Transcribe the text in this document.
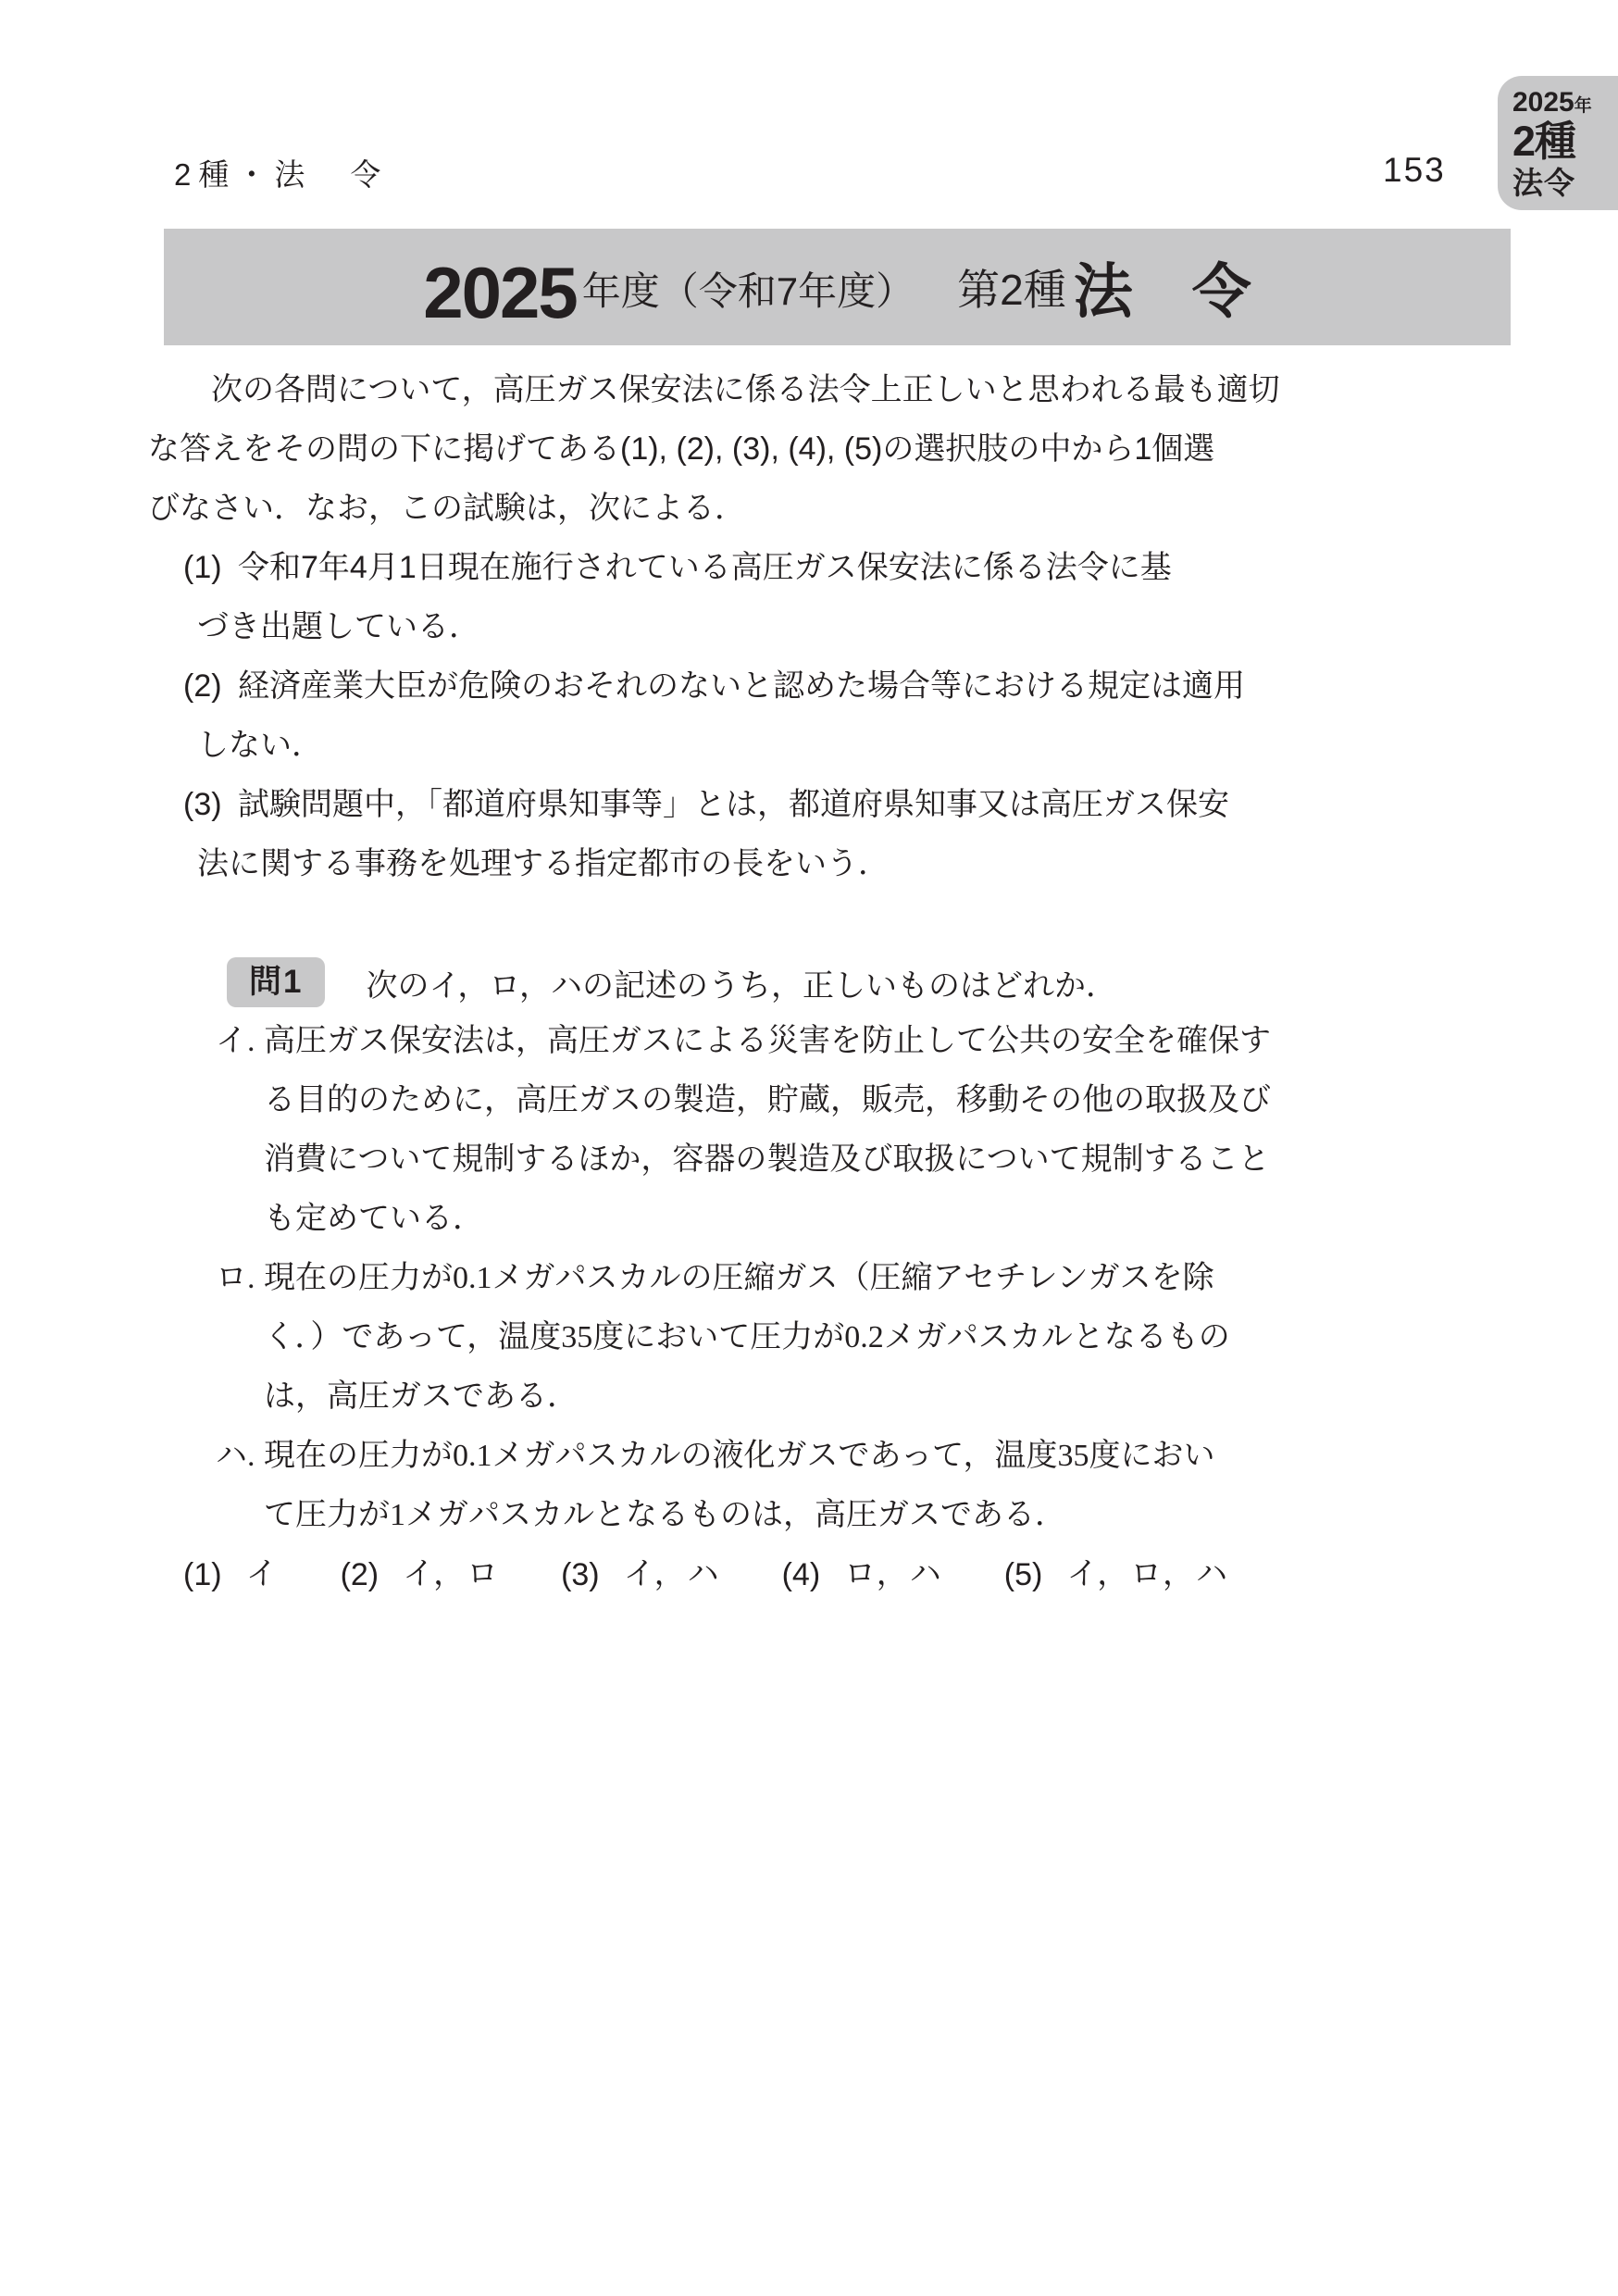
2種・法　令	153
2025年
2種
法令
2025 年度（令和7年度） 第2種 法　令
次の各問について，高圧ガス保安法に係る法令上正しいと思われる最も適切
な答えをその問の下に掲げてある(1), (2), (3), (4), (5)の選択肢の中から1個選
びなさい．なお，この試験は，次による．
(1) 令和7年4月1日現在施行されている高圧ガス保安法に係る法令に基
づき出題している．
(2) 経済産業大臣が危険のおそれのないと認めた場合等における規定は適用
しない．
(3) 試験問題中，「都道府県知事等」とは，都道府県知事又は高圧ガス保安
法に関する事務を処理する指定都市の長をいう．
問1	次のイ，ロ，ハの記述のうち，正しいものはどれか．
イ. 高圧ガス保安法は，高圧ガスによる災害を防止して公共の安全を確保す
る目的のために，高圧ガスの製造，貯蔵，販売，移動その他の取扱及び
消費について規制するほか，容器の製造及び取扱について規制すること
も定めている．
ロ. 現在の圧力が0.1メガパスカルの圧縮ガス（圧縮アセチレンガスを除
く．）であって，温度35度において圧力が0.2メガパスカルとなるもの
は，高圧ガスである．
ハ. 現在の圧力が0.1メガパスカルの液化ガスであって，温度35度におい
て圧力が1メガパスカルとなるものは，高圧ガスである．
(1) イ (2) イ，ロ (3) イ，ハ (4) ロ，ハ (5) イ，ロ，ハ
